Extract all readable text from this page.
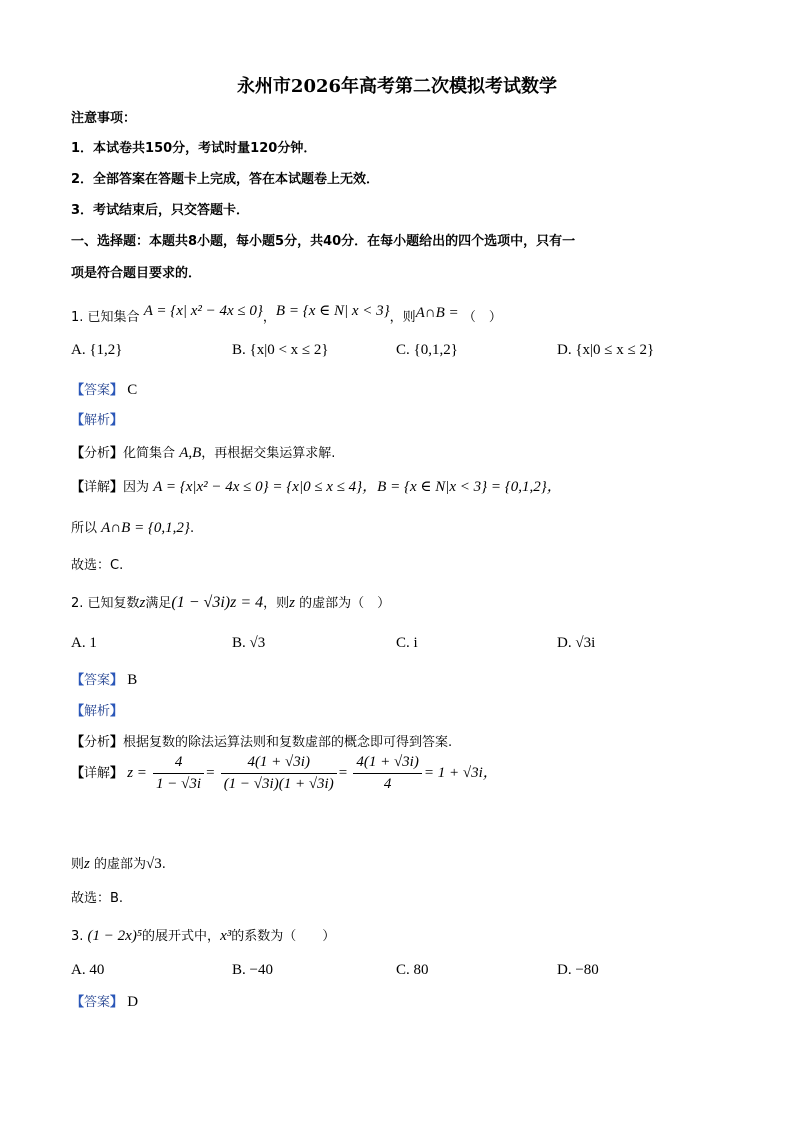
永州市2026年高考第二次模拟考试数学
注意事项：
1．本试卷共150分，考试时量120分钟．
2．全部答案在答题卡上完成，答在本试题卷上无效．
3．考试结束后，只交答题卡．
一、选择题：本题共8小题，每小题5分，共40分．在每小题给出的四个选项中，只有一
项是符合题目要求的．
1. 已知集合 A = {x| x² − 4x ≤ 0}，B = {x ∈ N| x < 3}，则A∩B = （　）
A. {1,2}	B. {x|0 < x ≤ 2}	C. {0,1,2}	D. {x|0 ≤ x ≤ 2}
【答案】 C
【解析】
【分析】化简集合 A,B，再根据交集运算求解.
【详解】因为 A = {x|x² − 4x ≤ 0} = {x|0 ≤ x ≤ 4}，B = {x ∈ N|x < 3} = {0,1,2}，
所以 A∩B = {0,1,2}.
故选：C.
2. 已知复数z满足(1 − √3i)z = 4，则z 的虚部为（　）
A. 1	B. √3	C. i	D. √3i
【答案】 B
【解析】
【分析】根据复数的除法运算法则和复数虚部的概念即可得到答案.
【详解】 $z = \frac{4}{1 - √3i} = \frac{4(1 + √3i)}{(1 - √3i)(1 + √3i)} = \frac{4(1 + √3i)}{4} = 1 + √3i$，
则z 的虚部为√3.
故选：B.
3. (1 − 2x)⁵的展开式中，x³的系数为（　　）
A. 40	B. −40	C. 80	D. −80
【答案】 D
